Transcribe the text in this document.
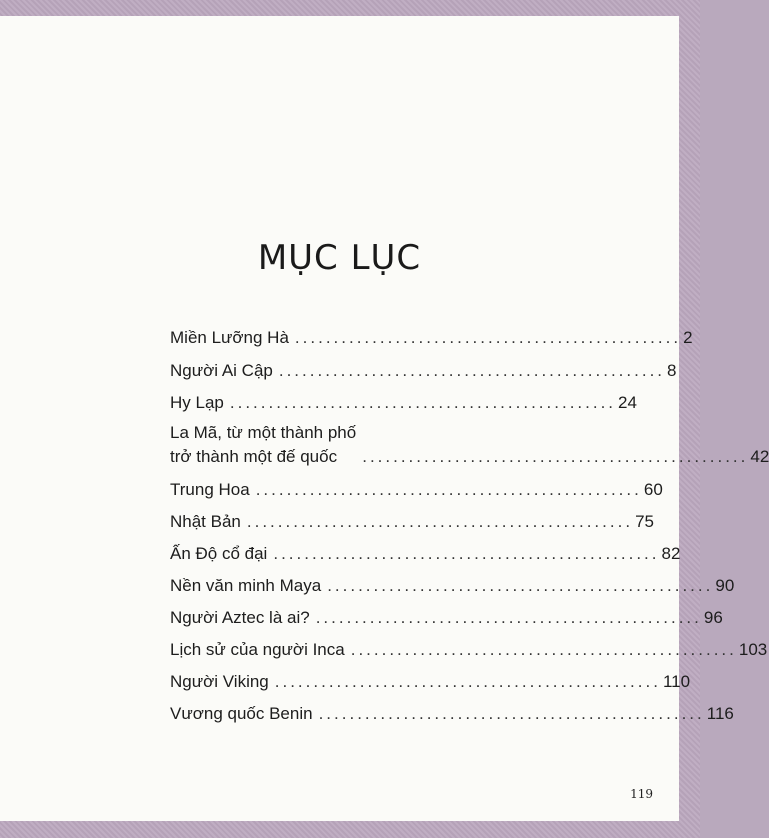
MỤC LỤC
Miền Lưỡng Hà .................................................. 2
Người Ai Cập .................................................. 8
Hy Lạp .................................................. 24
La Mã, từ một thành phố
trở thành một đế quốc	.................................................. 42
Trung Hoa .................................................. 60
Nhật Bản .................................................. 75
Ấn Độ cổ đại .................................................. 82
Nền văn minh Maya .................................................. 90
Người Aztec là ai? .................................................. 96
Lịch sử của người Inca .................................................. 103
Người Viking .................................................. 110
Vương quốc Benin .................................................. 116
119
